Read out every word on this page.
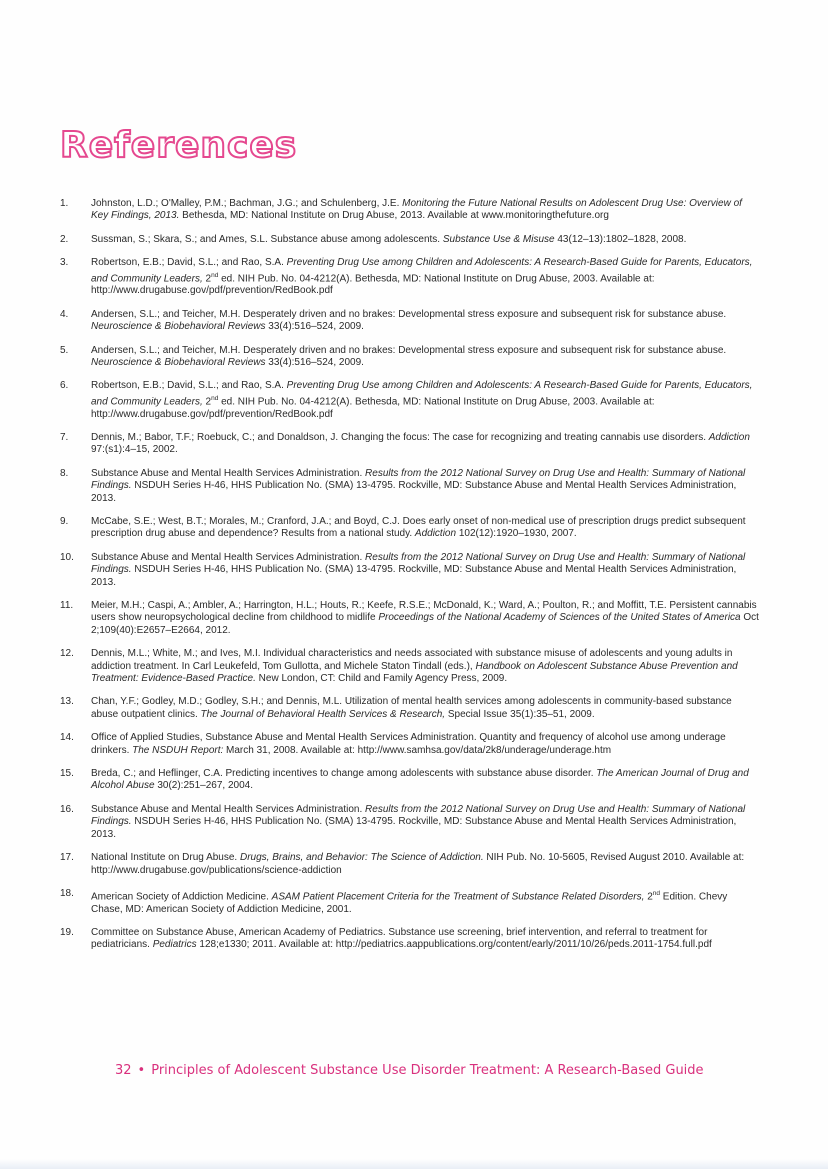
References References
1.	Johnston, L.D.; O'Malley, P.M.; Bachman, J.G.; and Schulenberg, J.E. Monitoring the Future National Results on Adolescent Drug Use: Overview of Key Findings, 2013. Bethesda, MD: National Institute on Drug Abuse, 2013. Available at www.monitoringthefuture.org
2.	Sussman, S.; Skara, S.; and Ames, S.L. Substance abuse among adolescents. Substance Use & Misuse 43(12–13):1802–1828, 2008.
3.	Robertson, E.B.; David, S.L.; and Rao, S.A. Preventing Drug Use among Children and Adolescents: A Research-Based Guide for Parents, Educators, and Community Leaders, 2nd ed. NIH Pub. No. 04-4212(A). Bethesda, MD: National Institute on Drug Abuse, 2003. Available at: http://www.drugabuse.gov/pdf/prevention/RedBook.pdf
4.	Andersen, S.L.; and Teicher, M.H. Desperately driven and no brakes: Developmental stress exposure and subsequent risk for substance abuse. Neuroscience & Biobehavioral Reviews 33(4):516–524, 2009.
5.	Andersen, S.L.; and Teicher, M.H. Desperately driven and no brakes: Developmental stress exposure and subsequent risk for substance abuse. Neuroscience & Biobehavioral Reviews 33(4):516–524, 2009.
6.	Robertson, E.B.; David, S.L.; and Rao, S.A. Preventing Drug Use among Children and Adolescents: A Research-Based Guide for Parents, Educators, and Community Leaders, 2nd ed. NIH Pub. No. 04-4212(A). Bethesda, MD: National Institute on Drug Abuse, 2003. Available at: http://www.drugabuse.gov/pdf/prevention/RedBook.pdf
7.	Dennis, M.; Babor, T.F.; Roebuck, C.; and Donaldson, J. Changing the focus: The case for recognizing and treating cannabis use disorders. Addiction 97:(s1):4–15, 2002.
8.	Substance Abuse and Mental Health Services Administration. Results from the 2012 National Survey on Drug Use and Health: Summary of National Findings. NSDUH Series H-46, HHS Publication No. (SMA) 13-4795. Rockville, MD: Substance Abuse and Mental Health Services Administration, 2013.
9.	McCabe, S.E.; West, B.T.; Morales, M.; Cranford, J.A.; and Boyd, C.J. Does early onset of non-medical use of prescription drugs predict subsequent prescription drug abuse and dependence? Results from a national study. Addiction 102(12):1920–1930, 2007.
10.	Substance Abuse and Mental Health Services Administration. Results from the 2012 National Survey on Drug Use and Health: Summary of National Findings. NSDUH Series H-46, HHS Publication No. (SMA) 13-4795. Rockville, MD: Substance Abuse and Mental Health Services Administration, 2013.
11.	Meier, M.H.; Caspi, A.; Ambler, A.; Harrington, H.L.; Houts, R.; Keefe, R.S.E.; McDonald, K.; Ward, A.; Poulton, R.; and Moffitt, T.E. Persistent cannabis users show neuropsychological decline from childhood to midlife Proceedings of the National Academy of Sciences of the United States of America Oct 2;109(40):E2657–E2664, 2012.
12.	Dennis, M.L.; White, M.; and Ives, M.I. Individual characteristics and needs associated with substance misuse of adolescents and young adults in addiction treatment. In Carl Leukefeld, Tom Gullotta, and Michele Staton Tindall (eds.), Handbook on Adolescent Substance Abuse Prevention and Treatment: Evidence-Based Practice. New London, CT: Child and Family Agency Press, 2009.
13.	Chan, Y.F.; Godley, M.D.; Godley, S.H.; and Dennis, M.L. Utilization of mental health services among adolescents in community-based substance abuse outpatient clinics. The Journal of Behavioral Health Services & Research, Special Issue 35(1):35–51, 2009.
14.	Office of Applied Studies, Substance Abuse and Mental Health Services Administration. Quantity and frequency of alcohol use among underage drinkers. The NSDUH Report: March 31, 2008. Available at: http://www.samhsa.gov/data/2k8/underage/underage.htm
15.	Breda, C.; and Heflinger, C.A. Predicting incentives to change among adolescents with substance abuse disorder. The American Journal of Drug and Alcohol Abuse 30(2):251–267, 2004.
16.	Substance Abuse and Mental Health Services Administration. Results from the 2012 National Survey on Drug Use and Health: Summary of National Findings. NSDUH Series H-46, HHS Publication No. (SMA) 13-4795. Rockville, MD: Substance Abuse and Mental Health Services Administration, 2013.
17.	National Institute on Drug Abuse. Drugs, Brains, and Behavior: The Science of Addiction. NIH Pub. No. 10-5605, Revised August 2010. Available at: http://www.drugabuse.gov/publications/science-addiction
18.	American Society of Addiction Medicine. ASAM Patient Placement Criteria for the Treatment of Substance Related Disorders, 2nd Edition. Chevy Chase, MD: American Society of Addiction Medicine, 2001.
19.	Committee on Substance Abuse, American Academy of Pediatrics. Substance use screening, brief intervention, and referral to treatment for pediatricians. Pediatrics 128;e1330; 2011. Available at: http://pediatrics.aappublications.org/content/early/2011/10/26/peds.2011-1754.full.pdf
32 • Principles of Adolescent Substance Use Disorder Treatment: A Research-Based Guide
